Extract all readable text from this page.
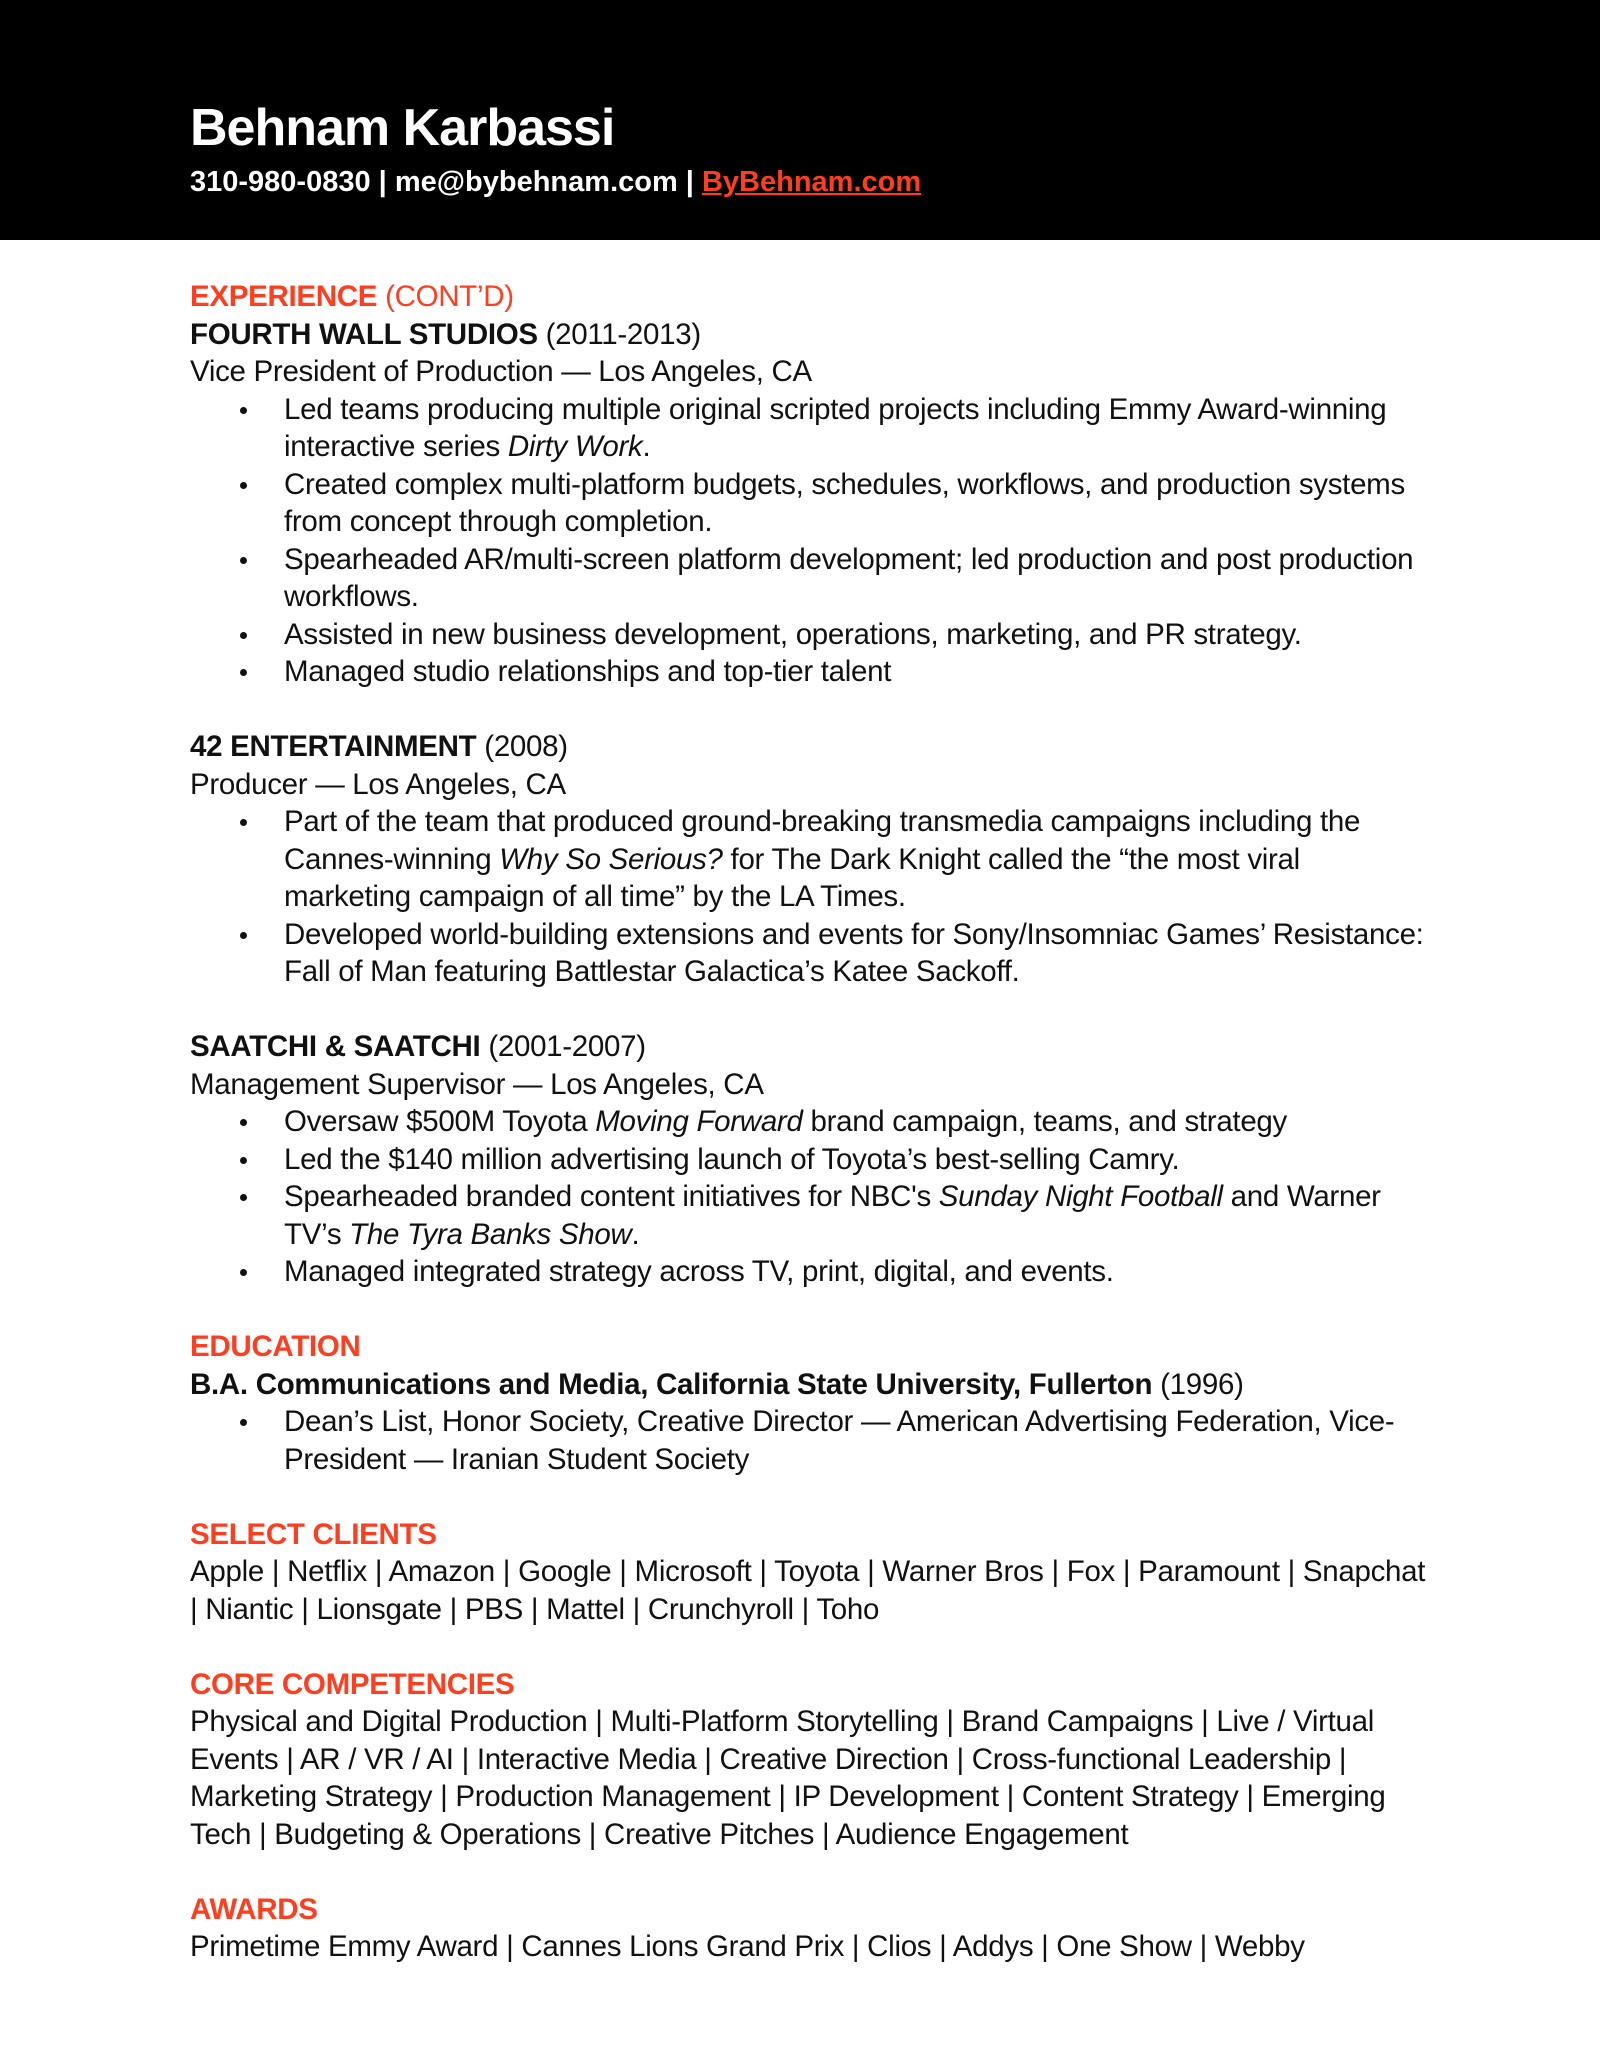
Behnam Karbassi
310-980-0830 | me@bybehnam.com | ByBehnam.com

EXPERIENCE (CONT’D)

FOURTH WALL STUDIOS (2011-2013)

Vice President of Production — Los Angeles, CA

Led teams producing multiple original scripted projects including Emmy Award-winning interactive series Dirty Work.
Created complex multi-platform budgets, schedules, workflows, and production systems from concept through completion.
Spearheaded AR/multi-screen platform development; led production and post production workflows.
Assisted in new business development, operations, marketing, and PR strategy.
Managed studio relationships and top-tier talent

42 ENTERTAINMENT (2008)

Producer — Los Angeles, CA

Part of the team that produced ground-breaking transmedia campaigns including the Cannes-winning Why So Serious? for The Dark Knight called the “the most viral marketing campaign of all time” by the LA Times.
Developed world-building extensions and events for Sony/Insomniac Games’ Resistance: Fall of Man featuring Battlestar Galactica’s Katee Sackoff.

SAATCHI & SAATCHI (2001-2007)

Management Supervisor — Los Angeles, CA

Oversaw $500M Toyota Moving Forward brand campaign, teams, and strategy
Led the $140 million advertising launch of Toyota’s best-selling Camry.
Spearheaded branded content initiatives for NBC's Sunday Night Football and Warner TV’s The Tyra Banks Show.
Managed integrated strategy across TV, print, digital, and events.

EDUCATION

B.A. Communications and Media, California State University, Fullerton (1996)

Dean’s List, Honor Society, Creative Director — American Advertising Federation, Vice-President — Iranian Student Society

SELECT CLIENTS

Apple | Netflix | Amazon | Google | Microsoft | Toyota | Warner Bros | Fox | Paramount | Snapchat | Niantic | Lionsgate | PBS | Mattel | Crunchyroll | Toho

CORE COMPETENCIES

Physical and Digital Production | Multi-Platform Storytelling | Brand Campaigns | Live / Virtual Events | AR / VR / AI | Interactive Media | Creative Direction | Cross-functional Leadership | Marketing Strategy | Production Management | IP Development | Content Strategy | Emerging Tech | Budgeting & Operations | Creative Pitches | Audience Engagement

AWARDS

Primetime Emmy Award | Cannes Lions Grand Prix | Clios | Addys | One Show | Webby
